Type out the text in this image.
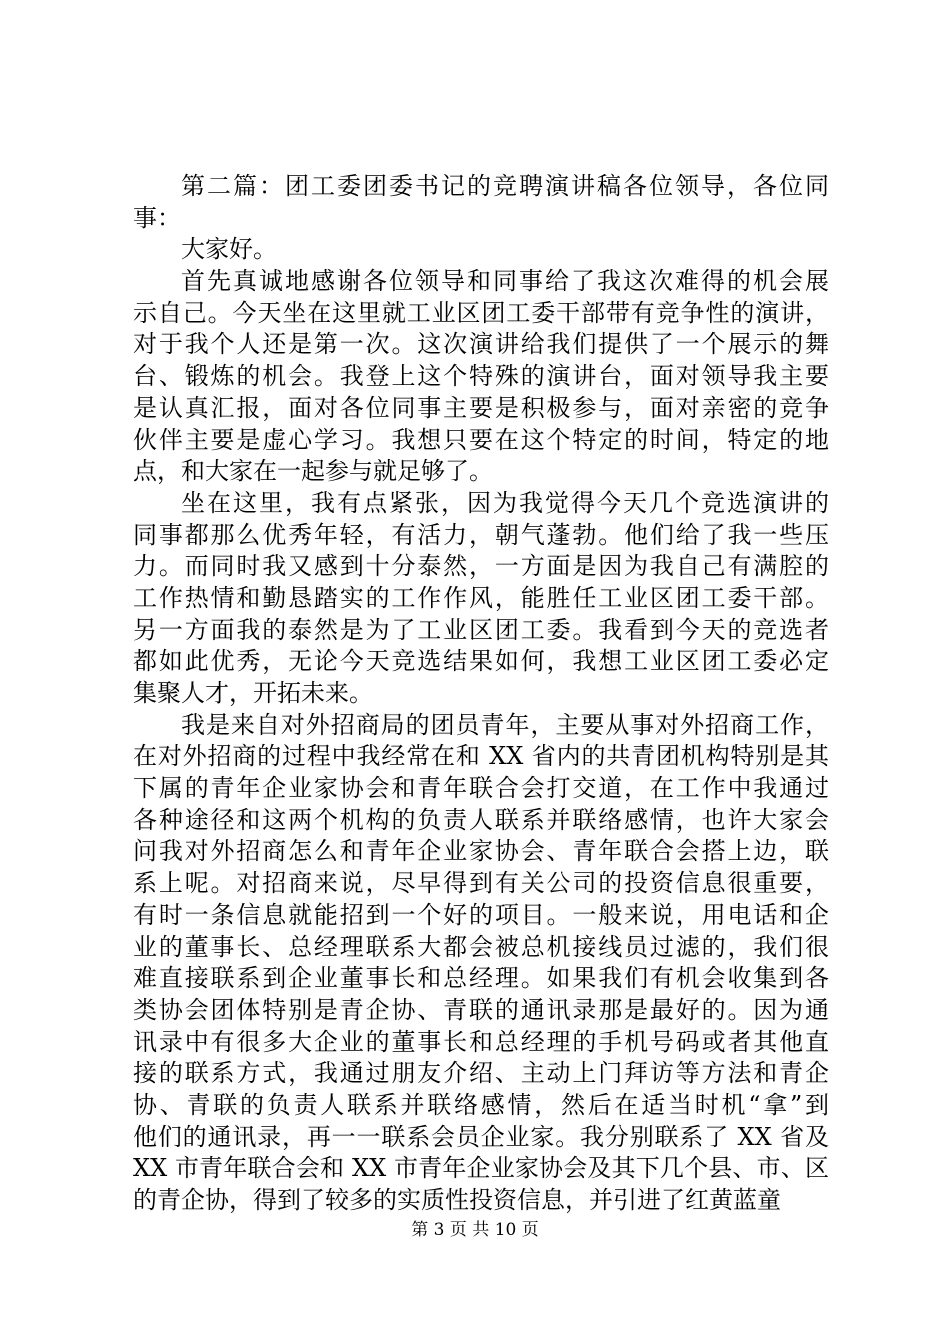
第二篇：团工委团委书记的竞聘演讲稿各位领导，各位同
事：
大家好。
首先真诚地感谢各位领导和同事给了我这次难得的机会展
示自己。今天坐在这里就工业区团工委干部带有竞争性的演讲，
对于我个人还是第一次。这次演讲给我们提供了一个展示的舞
台、锻炼的机会。我登上这个特殊的演讲台，面对领导我主要
是认真汇报，面对各位同事主要是积极参与，面对亲密的竞争
伙伴主要是虚心学习。我想只要在这个特定的时间，特定的地
点，和大家在一起参与就足够了。
坐在这里，我有点紧张，因为我觉得今天几个竞选演讲的
同事都那么优秀年轻，有活力，朝气蓬勃。他们给了我一些压
力。而同时我又感到十分泰然，一方面是因为我自己有满腔的
工作热情和勤恳踏实的工作作风，能胜任工业区团工委干部。
另一方面我的泰然是为了工业区团工委。我看到今天的竞选者
都如此优秀，无论今天竞选结果如何，我想工业区团工委必定
集聚人才，开拓未来。
我是来自对外招商局的团员青年，主要从事对外招商工作，
在对外招商的过程中我经常在和 XX 省内的共青团机构特别是其
下属的青年企业家协会和青年联合会打交道，在工作中我通过
各种途径和这两个机构的负责人联系并联络感情，也许大家会
问我对外招商怎么和青年企业家协会、青年联合会搭上边，联
系上呢。对招商来说，尽早得到有关公司的投资信息很重要，
有时一条信息就能招到一个好的项目。一般来说，用电话和企
业的董事长、总经理联系大都会被总机接线员过滤的，我们很
难直接联系到企业董事长和总经理。如果我们有机会收集到各
类协会团体特别是青企协、青联的通讯录那是最好的。因为通
讯录中有很多大企业的董事长和总经理的手机号码或者其他直
接的联系方式，我通过朋友介绍、主动上门拜访等方法和青企
协、青联的负责人联系并联络感情，然后在适当时机“拿”到
他们的通讯录，再一一联系会员企业家。我分别联系了 XX 省及
XX 市青年联合会和 XX 市青年企业家协会及其下几个县、市、区
的青企协，得到了较多的实质性投资信息，并引进了红黄蓝童
第 3 页 共 10 页
